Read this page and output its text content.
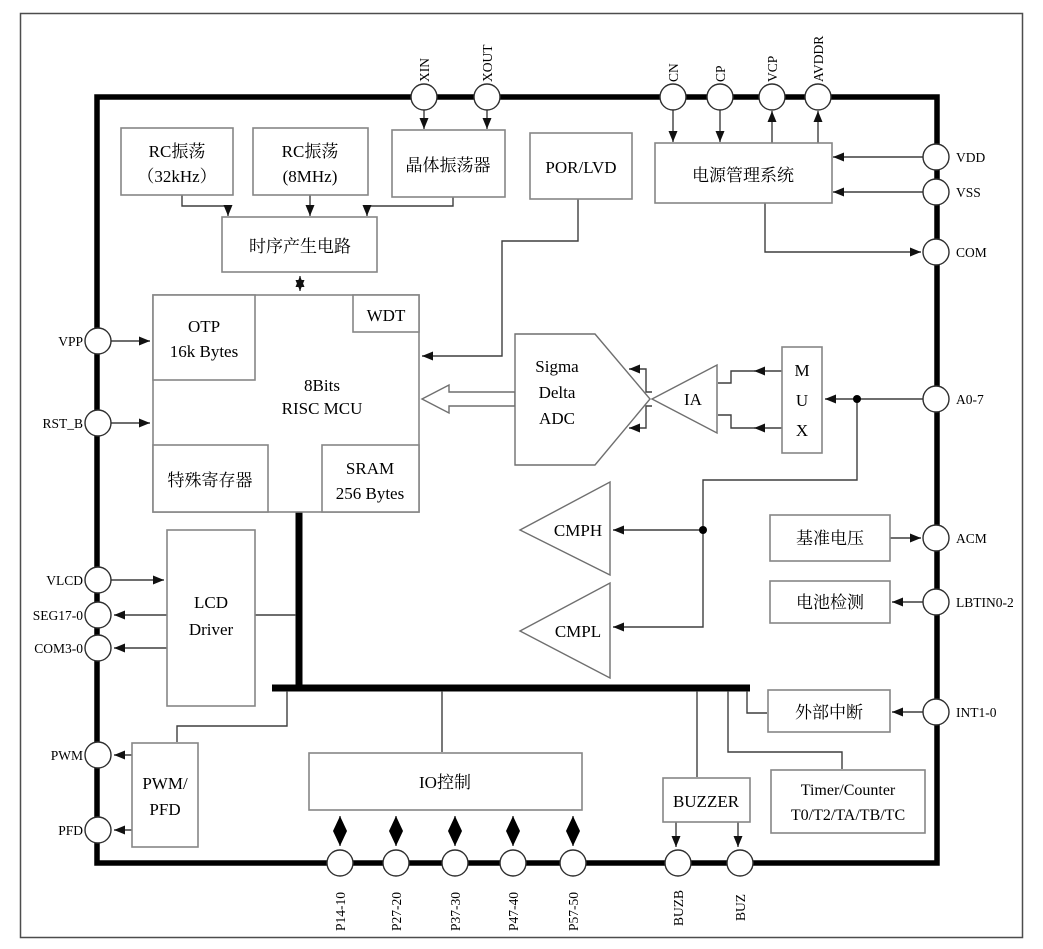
RC振荡
（32kHz）
RC振荡
(8MHz)
晶体振荡器	POR/LVD	电源管理系统
时序产生电路
8Bits
RISC MCU
OTP
16k Bytes
WDT
特殊寄存器
SRAM
256 Bytes
Sigma
Delta
ADC
IA
M
U
X
CMPH
CMPL
基准电压
电池检测
外部中断
LCD
Driver
PWM/
PFD
IO控制
BUZZER
Timer/Counter
T0/T2/TA/TB/TC
XIN	XOUT	CN CP	VCP AVDDR
VDD
VSS
COM
A0-7
ACM
LBTIN0-2
INT1-0
VPP
RST_B
VLCD
SEG17-0
COM3-0
PWM
PFD
P14-10	P27-20	P37-30	P47-40	P57-50	BUZB	BUZ
